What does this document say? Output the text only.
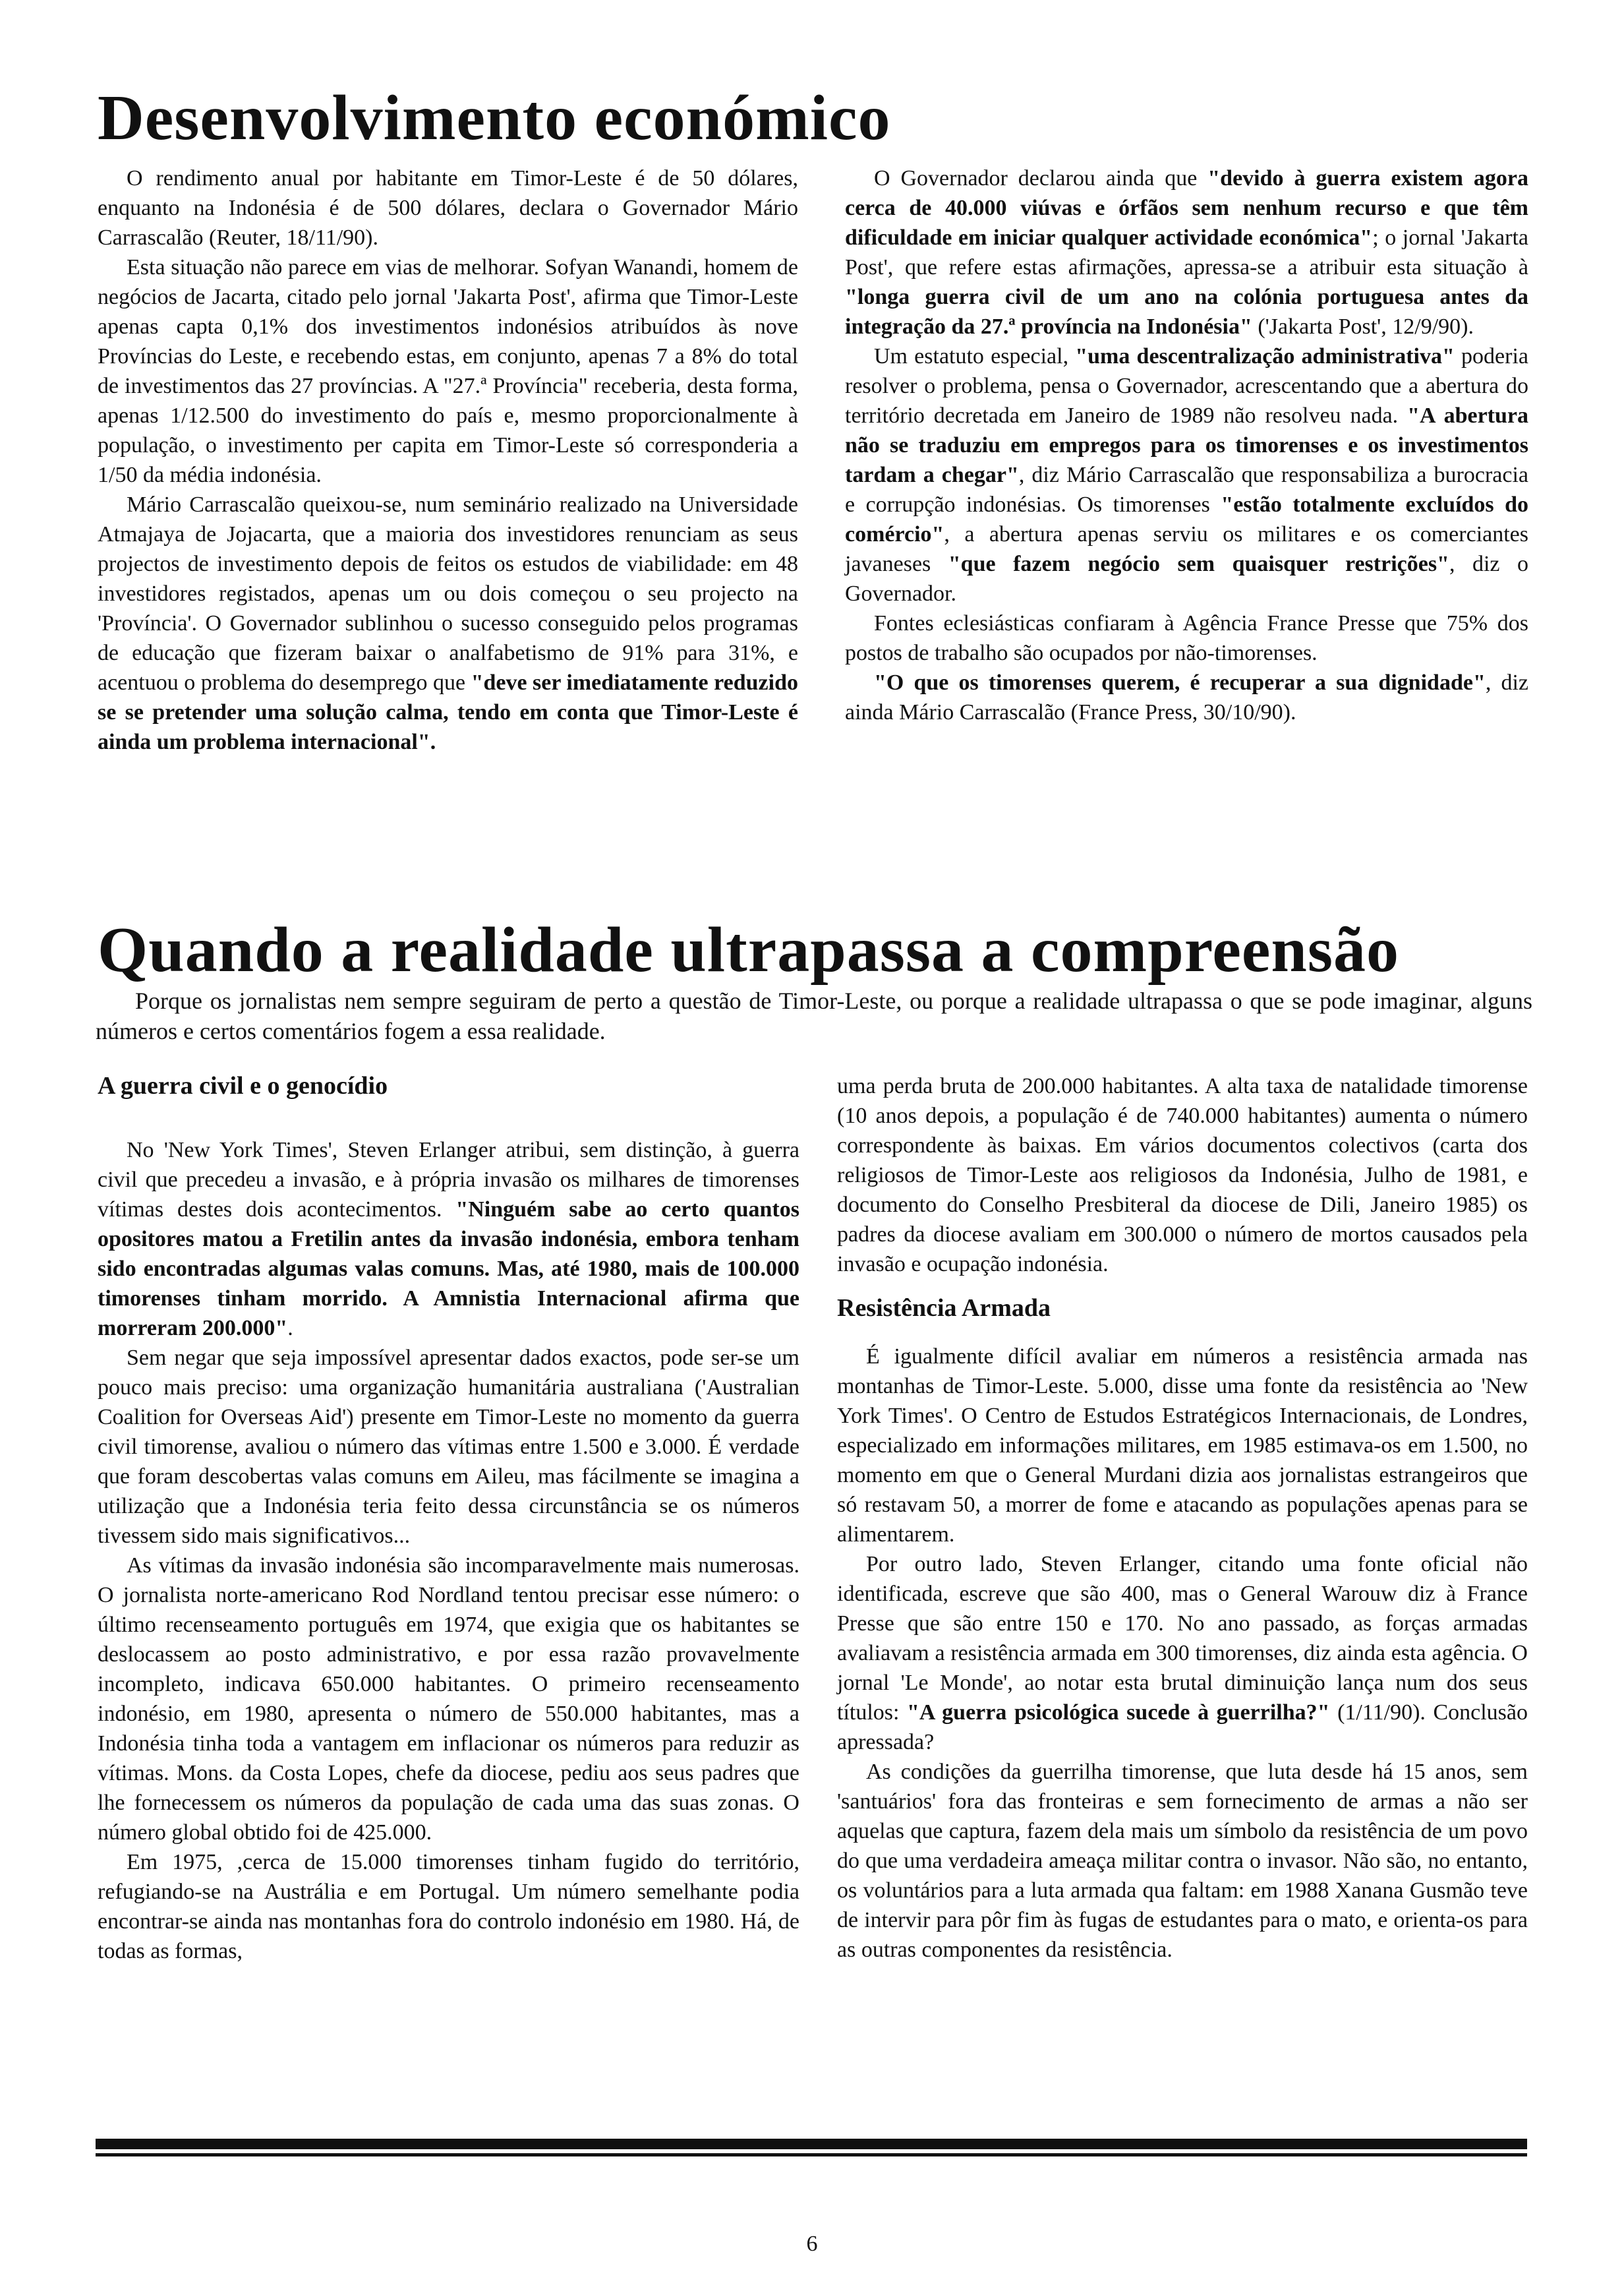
Desenvolvimento económico

O rendimento anual por habitante em Timor-Leste é de 50 dólares, enquanto na Indonésia é de 500 dólares, declara o Governador Mário Carrascalão (Reuter, 18/11/90).

Esta situação não parece em vias de melhorar. Sofyan Wanandi, homem de negócios de Jacarta, citado pelo jornal 'Jakarta Post', afirma que Timor-Leste apenas capta 0,1% dos investimentos indonésios atribuídos às nove Províncias do Leste, e recebendo estas, em conjunto, apenas 7 a 8% do total de investimentos das 27 províncias. A "27.ª Província" receberia, desta forma, apenas 1/12.500 do investimento do país e, mesmo proporcionalmente à população, o investimento per capita em Timor-Leste só corresponderia a 1/50 da média indonésia.

Mário Carrascalão queixou-se, num seminário realizado na Universidade Atmajaya de Jojacarta, que a maioria dos investidores renunciam as seus projectos de investimento depois de feitos os estudos de viabilidade: em 48 investidores registados, apenas um ou dois começou o seu projecto na 'Província'. O Governador sublinhou o sucesso conseguido pelos programas de educação que fizeram baixar o analfabetismo de 91% para 31%, e acentuou o problema do desemprego que "deve ser imediatamente reduzido se se pretender uma solução calma, tendo em conta que Timor-Leste é ainda um problema internacional".

O Governador declarou ainda que "devido à guerra existem agora cerca de 40.000 viúvas e órfãos sem nenhum recurso e que têm dificuldade em iniciar qualquer actividade económica"; o jornal 'Jakarta Post', que refere estas afirmações, apressa-se a atribuir esta situação à "longa guerra civil de um ano na colónia portuguesa antes da integração da 27.ª província na Indonésia" ('Jakarta Post', 12/9/90).

Um estatuto especial, "uma descentralização administrativa" poderia resolver o problema, pensa o Governador, acrescentando que a abertura do território decretada em Janeiro de 1989 não resolveu nada. "A abertura não se traduziu em empregos para os timorenses e os investimentos tardam a chegar", diz Mário Carrascalão que responsabiliza a burocracia e corrupção indonésias. Os timorenses "estão totalmente excluídos do comércio", a abertura apenas serviu os militares e os comerciantes javaneses "que fazem negócio sem quaisquer restrições", diz o Governador.

Fontes eclesiásticas confiaram à Agência France Presse que 75% dos postos de trabalho são ocupados por não-timorenses.

"O que os timorenses querem, é recuperar a sua dignidade", diz ainda Mário Carrascalão (France Press, 30/10/90).

Quando a realidade ultrapassa a compreensão
Porque os jornalistas nem sempre seguiram de perto a questão de Timor-Leste, ou porque a realidade ultrapassa o que se pode imaginar, alguns números e certos comentários fogem a essa realidade.

A guerra civil e o genocídio

No 'New York Times', Steven Erlanger atribui, sem distinção, à guerra civil que precedeu a invasão, e à própria invasão os milhares de timorenses vítimas destes dois acontecimentos. "Ninguém sabe ao certo quantos opositores matou a Fretilin antes da invasão indonésia, embora tenham sido encontradas algumas valas comuns. Mas, até 1980, mais de 100.000 timorenses tinham morrido. A Amnistia Internacional afirma que morreram 200.000".

Sem negar que seja impossível apresentar dados exactos, pode ser-se um pouco mais preciso: uma organização humanitária australiana ('Australian Coalition for Overseas Aid') presente em Timor-Leste no momento da guerra civil timorense, avaliou o número das vítimas entre 1.500 e 3.000. É verdade que foram descobertas valas comuns em Aileu, mas fácilmente se imagina a utilização que a Indonésia teria feito dessa circunstância se os números tivessem sido mais significativos...

As vítimas da invasão indonésia são incomparavelmente mais numerosas. O jornalista norte-americano Rod Nordland tentou precisar esse número: o último recenseamento português em 1974, que exigia que os habitantes se deslocassem ao posto administrativo, e por essa razão provavelmente incompleto, indicava 650.000 habitantes. O primeiro recenseamento indonésio, em 1980, apresenta o número de 550.000 habitantes, mas a Indonésia tinha toda a vantagem em inflacionar os números para reduzir as vítimas. Mons. da Costa Lopes, chefe da diocese, pediu aos seus padres que lhe fornecessem os números da população de cada uma das suas zonas. O número global obtido foi de 425.000.

Em 1975, ,cerca de 15.000 timorenses tinham fugido do território, refugiando-se na Austrália e em Portugal. Um número semelhante podia encontrar-se ainda nas montanhas fora do controlo indonésio em 1980. Há, de todas as formas,

uma perda bruta de 200.000 habitantes. A alta taxa de natalidade timorense (10 anos depois, a população é de 740.000 habitantes) aumenta o número correspondente às baixas. Em vários documentos colectivos (carta dos religiosos de Timor-Leste aos religiosos da Indonésia, Julho de 1981, e documento do Conselho Presbiteral da diocese de Dili, Janeiro 1985) os padres da diocese avaliam em 300.000 o número de mortos causados pela invasão e ocupação indonésia.

Resistência Armada

É igualmente difícil avaliar em números a resistência armada nas montanhas de Timor-Leste. 5.000, disse uma fonte da resistência ao 'New York Times'. O Centro de Estudos Estratégicos Internacionais, de Londres, especializado em informações militares, em 1985 estimava-os em 1.500, no momento em que o General Murdani dizia aos jornalistas estrangeiros que só restavam 50, a morrer de fome e atacando as populações apenas para se alimentarem.

Por outro lado, Steven Erlanger, citando uma fonte oficial não identificada, escreve que são 400, mas o General Warouw diz à France Presse que são entre 150 e 170. No ano passado, as forças armadas avaliavam a resistência armada em 300 timorenses, diz ainda esta agência. O jornal 'Le Monde', ao notar esta brutal diminuição lança num dos seus títulos: "A guerra psicológica sucede à guerrilha?" (1/11/90). Conclusão apressada?

As condições da guerrilha timorense, que luta desde há 15 anos, sem 'santuários' fora das fronteiras e sem fornecimento de armas a não ser aquelas que captura, fazem dela mais um símbolo da resistência de um povo do que uma verdadeira ameaça militar contra o invasor. Não são, no entanto, os voluntários para a luta armada qua faltam: em 1988 Xanana Gusmão teve de intervir para pôr fim às fugas de estudantes para o mato, e orienta-os para as outras componentes da resistência.

6
